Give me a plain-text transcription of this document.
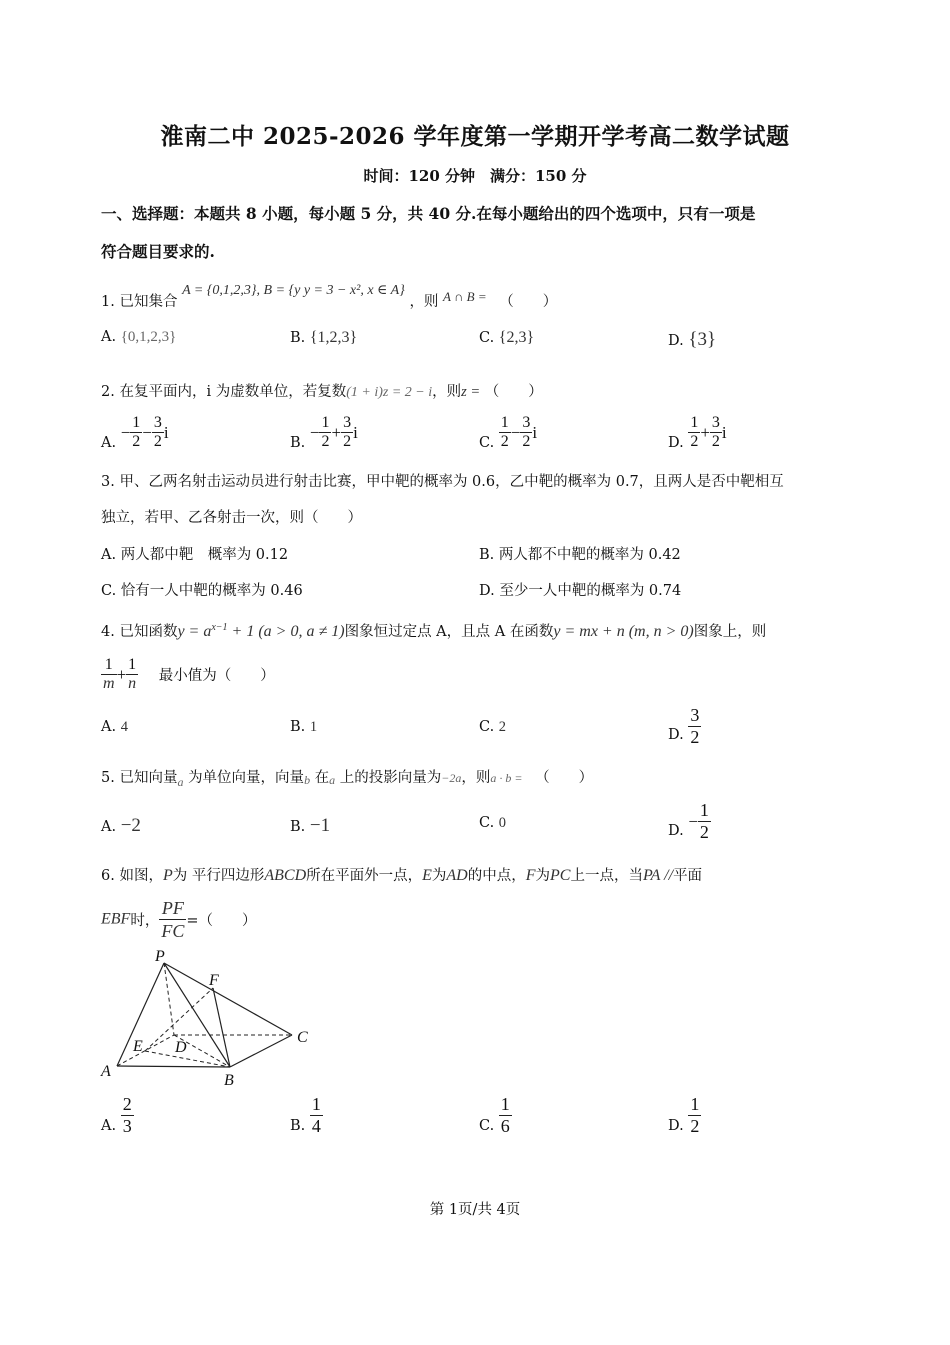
淮南二中 2025-2026 学年度第一学期开学考高二数学试题
时间：120 分钟　满分：150 分
一、选择题：本题共 8 小题，每小题 5 分，共 40 分.在每小题给出的四个选项中，只有一项是
符合题目要求的.
1. 已知集合 A = {0,1,2,3}, B = {y y = 3 − x², x ∈ A} ，则 A ∩ B = （　　）
A. {0,1,2,3}	B. {1,2,3}	C. {2,3}	D. {3}
2. 在复平面内，i 为虚数单位，若复数(1 + i)z = 2 − i，则z = （　　）
A. − $\frac{1}{2} - \frac{3}{2}$ i
B. − $\frac{1}{2} + \frac{3}{2}$ i
C. $\frac{1}{2} - \frac{3}{2}$ i
D. $\frac{1}{2} + \frac{3}{2}$ i
3. 甲、乙两名射击运动员进行射击比赛，甲中靶的概率为 0.6，乙中靶的概率为 0.7，且两人是否中靶相互
独立，若甲、乙各射击一次，则（　　）
A. 两人都中靶　概率为 0.12	B. 两人都不中靶的概率为 0.42
C. 恰有一人中靶的概率为 0.46	D. 至少一人中靶的概率为 0.74
4. 已知函数$y = a^{x-1} + 1$ (a > 0, a ≠ 1)图象恒过定点 A，且点 A 在函数y = mx + n (m, n > 0)图象上，则
$\frac{1}{m} + \frac{1}{n}$ 最小值为（　　）
A. 4	B. 1	C. 2	D. $\frac{3}{2}$
5. 已知向量$_a$ 为单位向量，向量b 在a 上的投影向量为−2a，则a · b = （　　）
A. −2	B. −1	C. 0	D. − $\frac{1}{2}$
6. 如图，P为 平行四边形ABCD所在平面外一点，E为AD的中点，F为PC上一点，当PA //平面
EBF时， $\frac{PF}{FC}$ =（　　）
P
F
C
E D
A
B
A. $\frac{2}{3}$	B. $\frac{1}{4}$	C. $\frac{1}{6}$	D. $\frac{1}{2}$
第 1页/共 4页
